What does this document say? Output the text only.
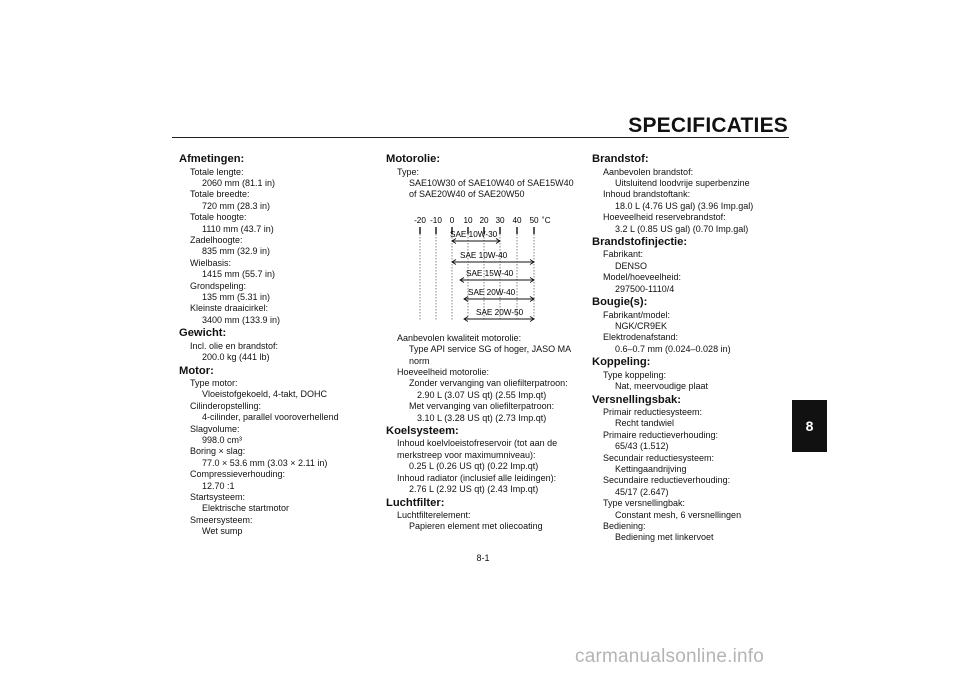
SPECIFICATIES
Afmetingen:
Totale lengte:
2060 mm (81.1 in)
Totale breedte:
720 mm (28.3 in)
Totale hoogte:
1110 mm (43.7 in)
Zadelhoogte:
835 mm (32.9 in)
Wielbasis:
1415 mm (55.7 in)
Grondspeling:
135 mm (5.31 in)
Kleinste draaicirkel:
3400 mm (133.9 in)
Gewicht:
Incl. olie en brandstof:
200.0 kg (441 lb)
Motor:
Type motor:
Vloeistofgekoeld, 4-takt, DOHC
Cilinderopstelling:
4-cilinder, parallel vooroverhellend
Slagvolume:
998.0 cm³
Boring × slag:
77.0 × 53.6 mm (3.03 × 2.11 in)
Compressieverhouding:
12.70 :1
Startsysteem:
Elektrische startmotor
Smeersysteem:
Wet sump
Motorolie:
Type:
SAE10W30 of SAE10W40 of SAE15W40
of SAE20W40 of SAE20W50
-20 -10 0 10 20 30 40 50 ˚C
SAE 10W-30
SAE 10W-40
SAE 15W-40
SAE 20W-40
SAE 20W-50
Aanbevolen kwaliteit motorolie:
Type API service SG of hoger, JASO MA
norm
Hoeveelheid motorolie:
Zonder vervanging van oliefilterpatroon:
2.90 L (3.07 US qt) (2.55 Imp.qt)
Met vervanging van oliefilterpatroon:
3.10 L (3.28 US qt) (2.73 Imp.qt)
Koelsysteem:
Inhoud koelvloeistofreservoir (tot aan de
merkstreep voor maximumniveau):
0.25 L (0.26 US qt) (0.22 Imp.qt)
Inhoud radiator (inclusief alle leidingen):
2.76 L (2.92 US qt) (2.43 Imp.qt)
Luchtfilter:
Luchtfilterelement:
Papieren element met oliecoating
Brandstof:
Aanbevolen brandstof:
Uitsluitend loodvrije superbenzine
Inhoud brandstoftank:
18.0 L (4.76 US gal) (3.96 Imp.gal)
Hoeveelheid reservebrandstof:
3.2 L (0.85 US gal) (0.70 Imp.gal)
Brandstofinjectie:
Fabrikant:
DENSO
Model/hoeveelheid:
297500-1110/4
Bougie(s):
Fabrikant/model:
NGK/CR9EK
Elektrodenafstand:
0.6–0.7 mm (0.024–0.028 in)
Koppeling:
Type koppeling:
Nat, meervoudige plaat
Versnellingsbak:
Primair reductiesysteem:
Recht tandwiel
Primaire reductieverhouding:
65/43 (1.512)
Secundair reductiesysteem:
Kettingaandrijving
Secundaire reductieverhouding:
45/17 (2.647)
Type versnellingbak:
Constant mesh, 6 versnellingen
Bediening:
Bediening met linkervoet
8
8-1
carmanualsonline.info
